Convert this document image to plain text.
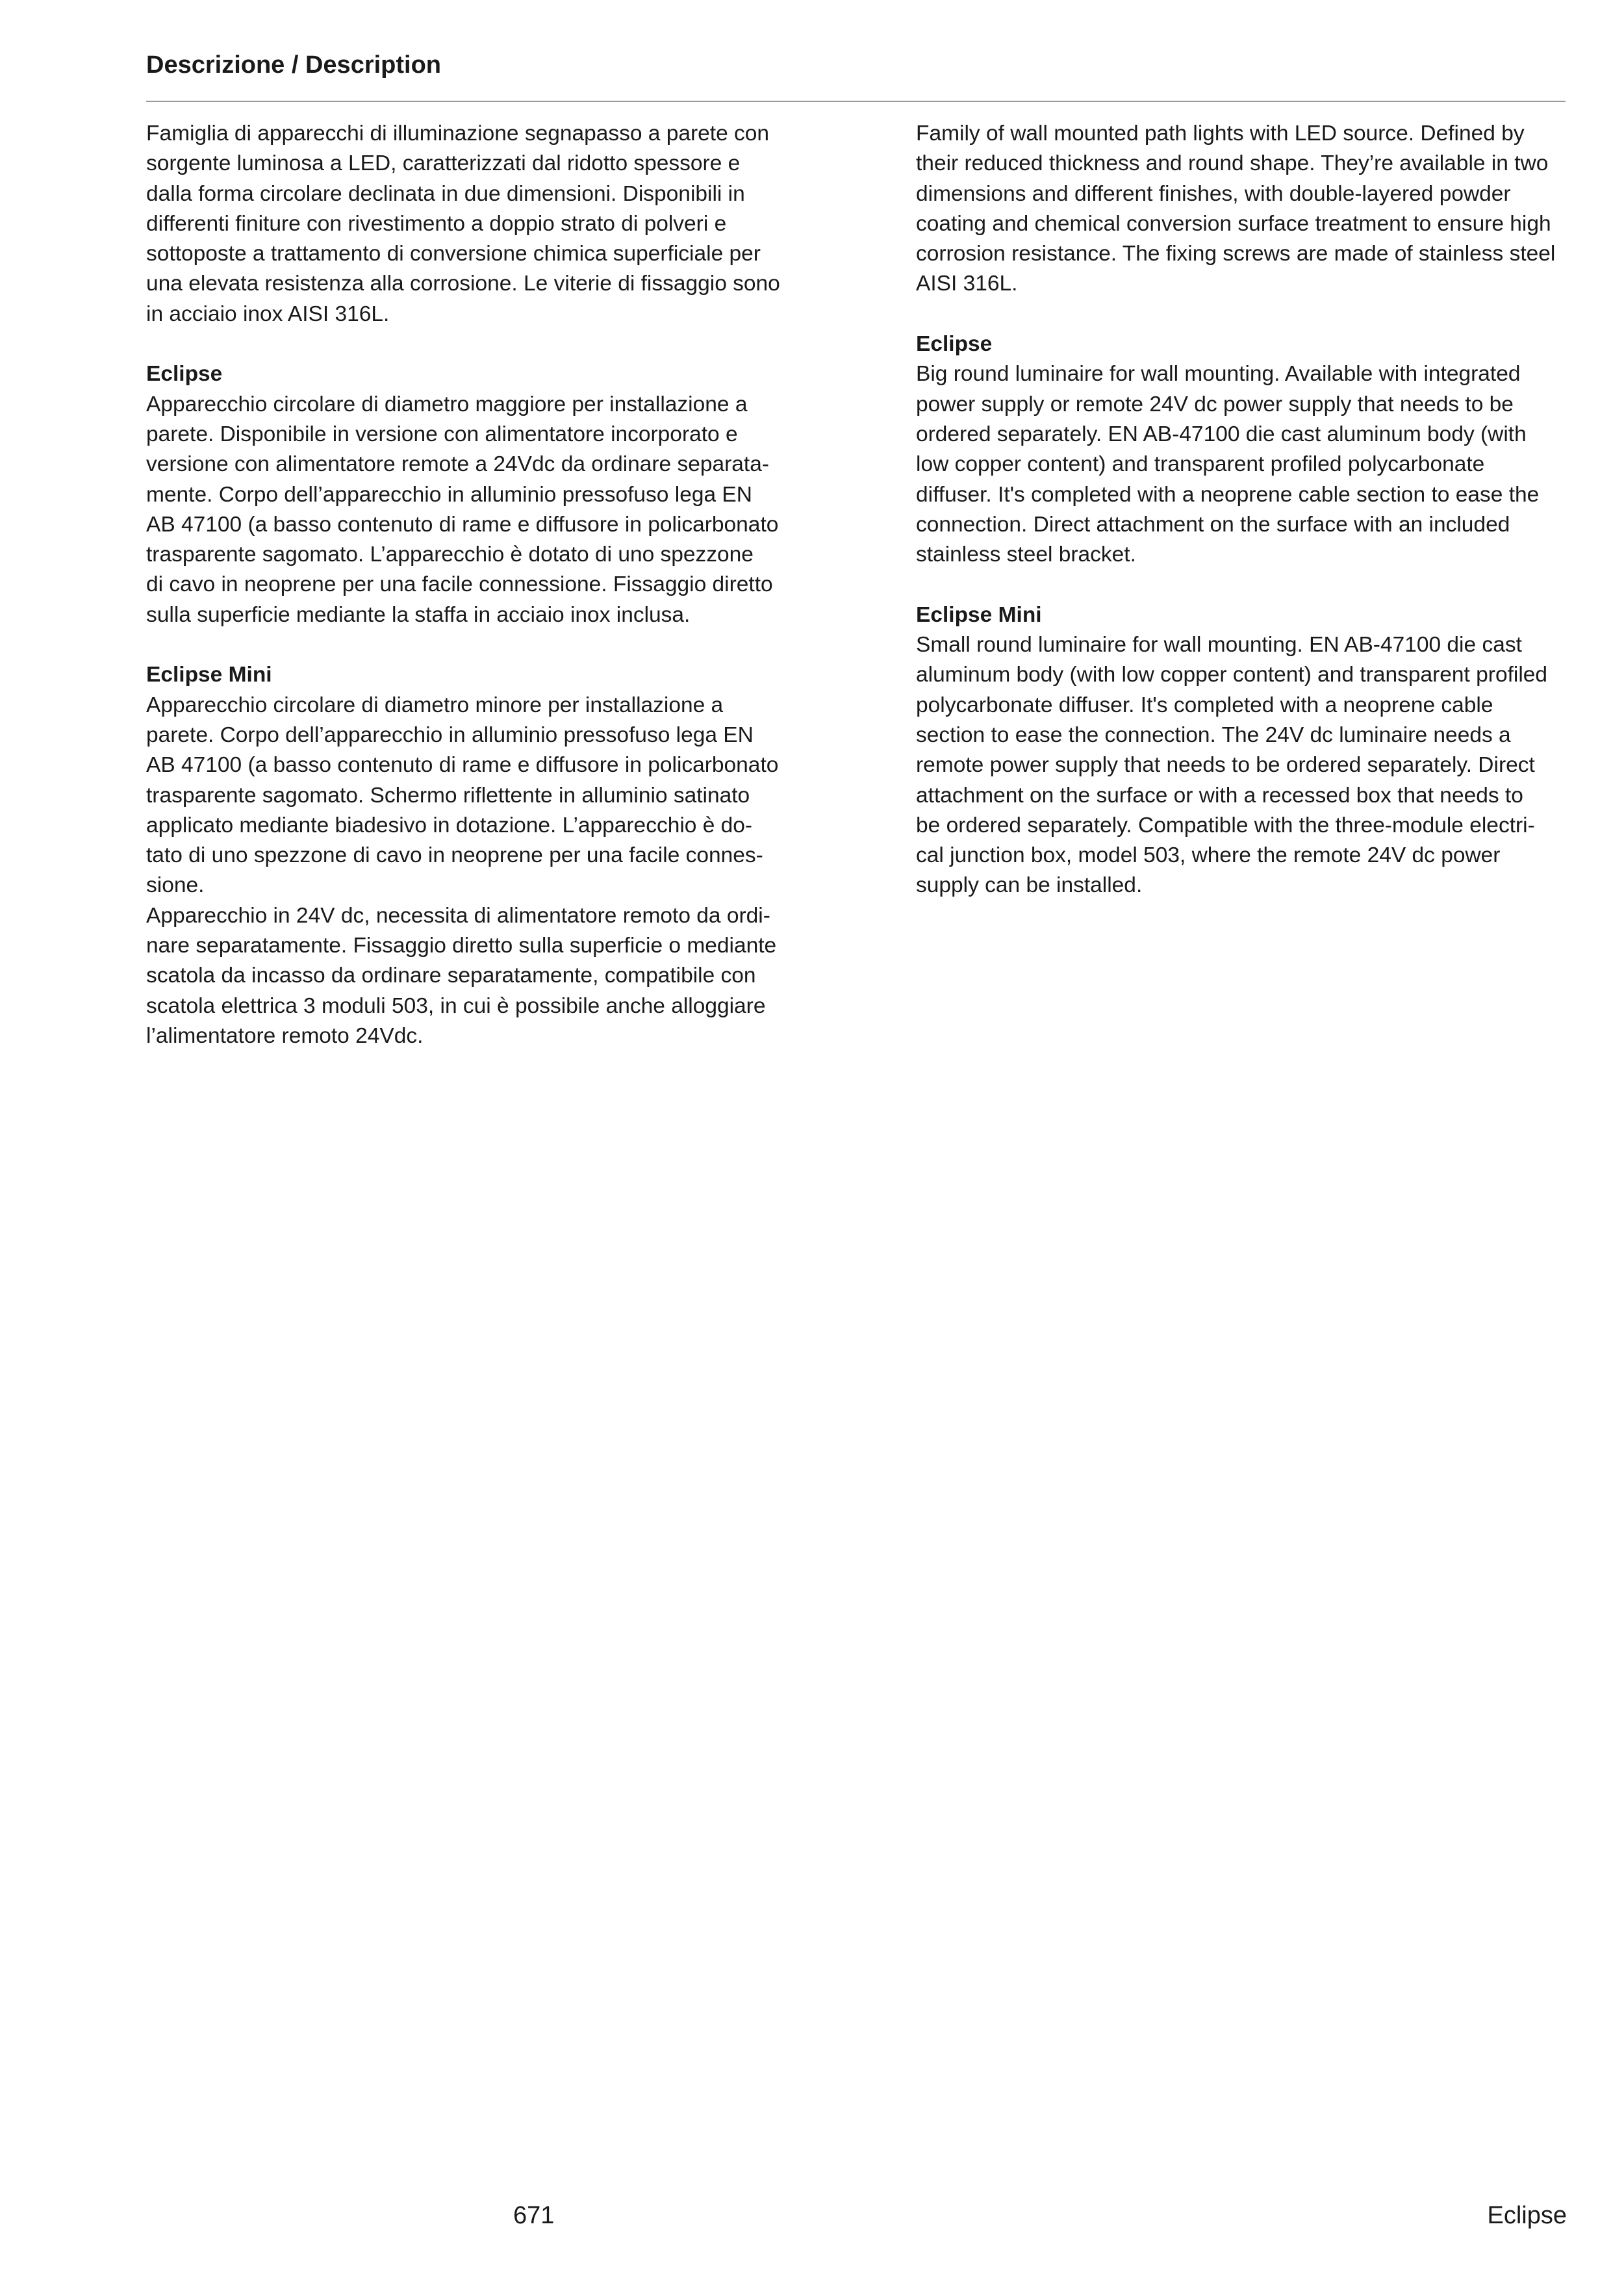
Descrizione / Description

Famiglia di apparecchi di illuminazione segnapasso a parete con

sorgente luminosa a LED, caratterizzati dal ridotto spessore e

dalla forma circolare declinata in due dimensioni. Disponibili in

differenti finiture con rivestimento a doppio strato di polveri e

sottoposte a trattamento di conversione chimica superficiale per

una elevata resistenza alla corrosione. Le viterie di fissaggio sono

in acciaio inox AISI 316L.

Eclipse

Apparecchio circolare di diametro maggiore per installazione a

parete. Disponibile in versione con alimentatore incorporato e

versione con alimentatore remote a 24Vdc da ordinare separata-

mente. Corpo dell’apparecchio in alluminio pressofuso lega EN

AB 47100 (a basso contenuto di rame e diffusore in policarbonato

trasparente sagomato. L’apparecchio è dotato di uno spezzone

di cavo in neoprene per una facile connessione. Fissaggio diretto

sulla superficie mediante la staffa in acciaio inox inclusa.

Eclipse Mini

Apparecchio circolare di diametro minore per installazione a

parete. Corpo dell’apparecchio in alluminio pressofuso lega EN

AB 47100 (a basso contenuto di rame e diffusore in policarbonato

trasparente sagomato. Schermo riflettente in alluminio satinato

applicato mediante biadesivo in dotazione. L’apparecchio è do-

tato di uno spezzone di cavo in neoprene per una facile connes-

sione.

Apparecchio in 24V dc, necessita di alimentatore remoto da ordi-

nare separatamente. Fissaggio diretto sulla superficie o mediante

scatola da incasso da ordinare separatamente, compatibile con

scatola elettrica 3 moduli 503, in cui è possibile anche alloggiare

l’alimentatore remoto 24Vdc.

Family of wall mounted path lights with LED source. Defined by

their reduced thickness and round shape. They’re available in two

dimensions and different finishes, with double-layered powder

coating and chemical conversion surface treatment to ensure high

corrosion resistance. The fixing screws are made of stainless steel

AISI 316L.

Eclipse

Big round luminaire for wall mounting. Available with integrated

power supply or remote 24V dc power supply that needs to be

ordered separately. EN AB-47100 die cast aluminum body (with

low copper content) and transparent profiled polycarbonate

diffuser. It's completed with a neoprene cable section to ease the

connection. Direct attachment on the surface with an included

stainless steel bracket.

Eclipse Mini

Small round luminaire for wall mounting. EN AB-47100 die cast

aluminum body (with low copper content) and transparent profiled

polycarbonate diffuser. It's completed with a neoprene cable

section to ease the connection. The 24V dc luminaire needs a

remote power supply that needs to be ordered separately. Direct

attachment on the surface or with a recessed box that needs to

be ordered separately. Compatible with the three-module electri-

cal junction box, model 503, where the remote 24V dc power

supply can be installed.

671	Eclipse
